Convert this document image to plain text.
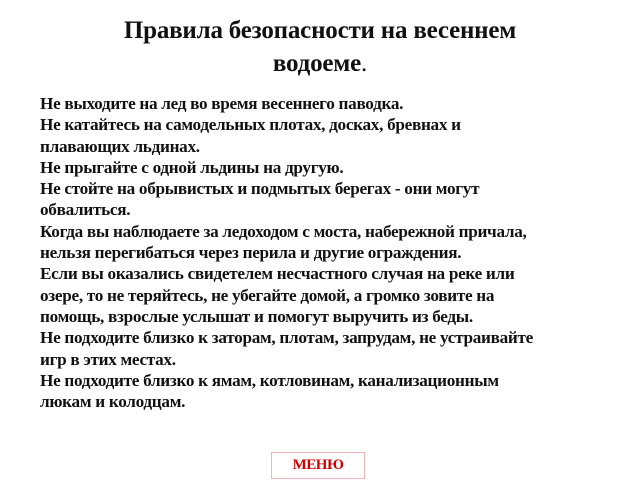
Правила безопасности на весеннем
водоеме.
Не выходите на лед во время весеннего паводка.
Не катайтесь на самодельных плотах, досках, бревнах и
плавающих льдинах.
Не прыгайте с одной льдины на другую.
Не стойте на обрывистых и подмытых берегах - они могут
обвалиться.
Когда вы наблюдаете за ледоходом с моста, набережной причала,
нельзя перегибаться через перила и другие ограждения.
Если вы оказались свидетелем несчастного случая на реке или
озере, то не теряйтесь, не убегайте домой, а громко зовите на
помощь, взрослые услышат и помогут выручить из беды.
Не подходите близко к заторам, плотам, запрудам, не устраивайте
игр в этих местах.
Не подходите близко к ямам, котловинам, канализационным
люкам и колодцам.
МЕНЮ
